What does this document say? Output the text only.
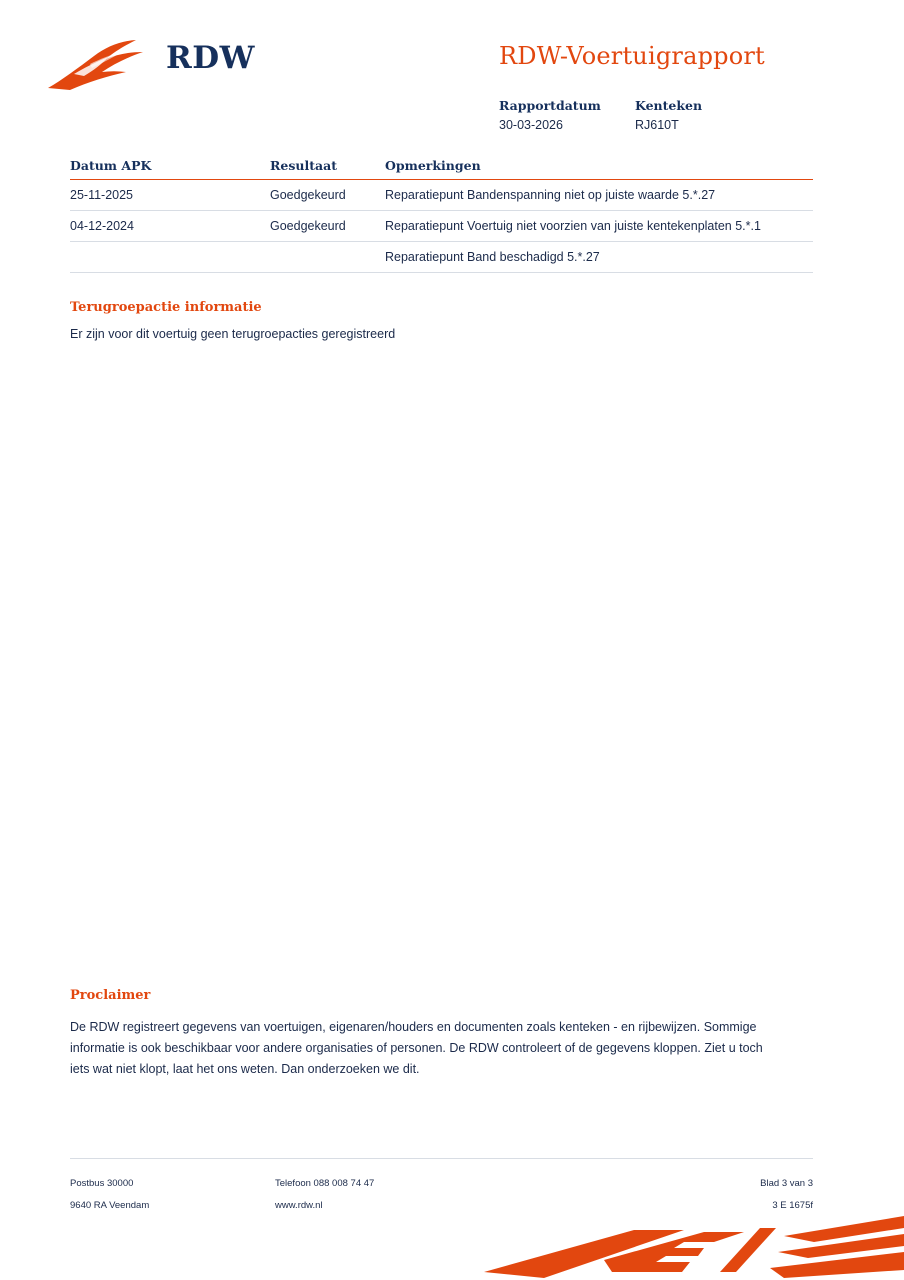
RDW	RDW-Voertuigrapport
Rapportdatum	Kenteken
30-03-2026	RJ610T
Datum APK	Resultaat	Opmerkingen
25-11-2025	Goedgekeurd	Reparatiepunt Bandenspanning niet op juiste waarde 5.*.27

04-12-2024	Goedgekeurd	Reparatiepunt Voertuig niet voorzien van juiste kentekenplaten 5.*.1

		Reparatiepunt Band beschadigd 5.*.27
Terugroepactie informatie

Er zijn voor dit voertuig geen terugroepacties geregistreerd

Proclaimer

De RDW registreert gegevens van voertuigen, eigenaren/houders en documenten zoals kenteken - en rijbewijzen. Sommige informatie is ook beschikbaar voor andere organisaties of personen. De RDW controleert of de gegevens kloppen. Ziet u toch iets wat niet klopt, laat het ons weten. Dan onderzoeken we dit.

Postbus 30000	Telefoon 088 008 74 47	Blad 3 van 3
9640 RA Veendam	www.rdw.nl	3 E 1675f
